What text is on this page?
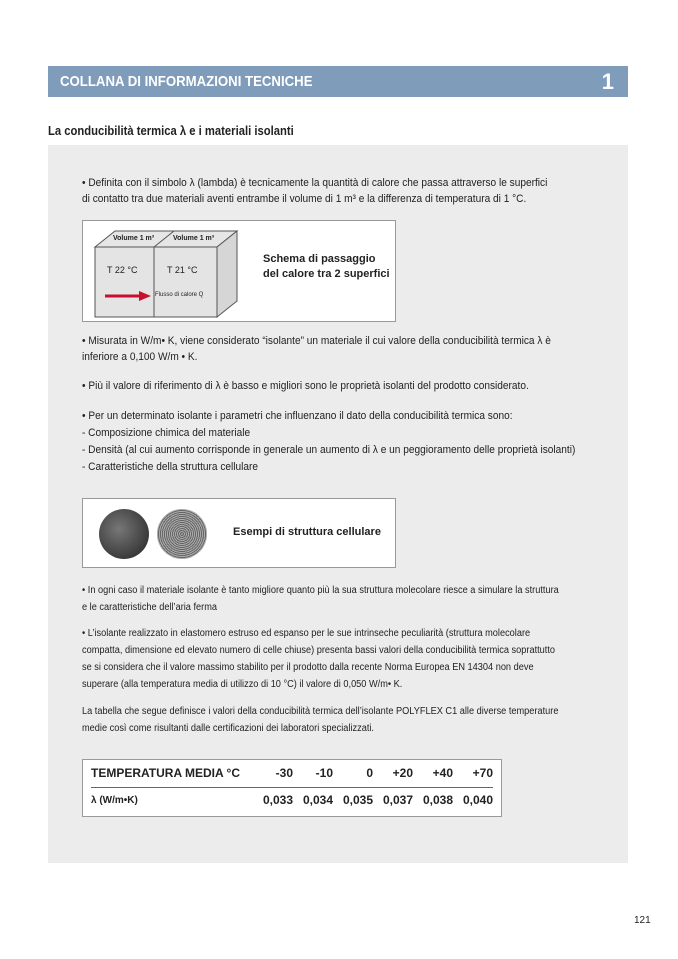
COLLANA DI INFORMAZIONI TECNICHE	1
La conducibilità termica λ e i materiali isolanti
• Definita con il simbolo λ (lambda) è tecnicamente la quantità di calore che passa attraverso le superfici
di contatto tra due materiali aventi entrambe il volume di 1 m³ e la differenza di temperatura di 1 °C.
Volume 1 m³	Volume 1 m³
T 22 °C	T 21 °C
Flusso di calore Q
Schema di passaggio
del calore tra 2 superfici
• Misurata in W/m• K, viene considerato “isolante” un materiale il cui valore della conducibilità termica λ è
inferiore a 0,100 W/m • K.
• Più il valore di riferimento di λ è basso e migliori sono le proprietà isolanti del prodotto considerato.
• Per un determinato isolante i parametri che influenzano il dato della conducibilità termica sono:
- Composizione chimica del materiale
- Densità (al cui aumento corrisponde in generale un aumento di λ e un peggioramento delle proprietà isolanti)
- Caratteristiche della struttura cellulare
Esempi di struttura cellulare
• In ogni caso il materiale isolante è tanto migliore quanto più la sua struttura molecolare riesce a simulare la struttura
e le caratteristiche dell’aria ferma
• L’isolante realizzato in elastomero estruso ed espanso per le sue intrinseche peculiarità (struttura molecolare
compatta, dimensione ed elevato numero di celle chiuse) presenta bassi valori della conducibilità termica soprattutto
se si considera che il valore massimo stabilito per il prodotto dalla recente Norma Europea EN 14304 non deve
superare (alla temperatura media di utilizzo di 10 °C) il valore di 0,050 W/m• K.
La tabella che segue definisce i valori della conducibilità termica dell’isolante POLYFLEX C1 alle diverse temperature
medie così come risultanti dalle certificazioni dei laboratori specializzati.
TEMPERATURA MEDIA °C	-30	-10	0	+20	+40	+70
λ (W/m•K)	0,033 0,034 0,035 0,037 0,038 0,040
121
